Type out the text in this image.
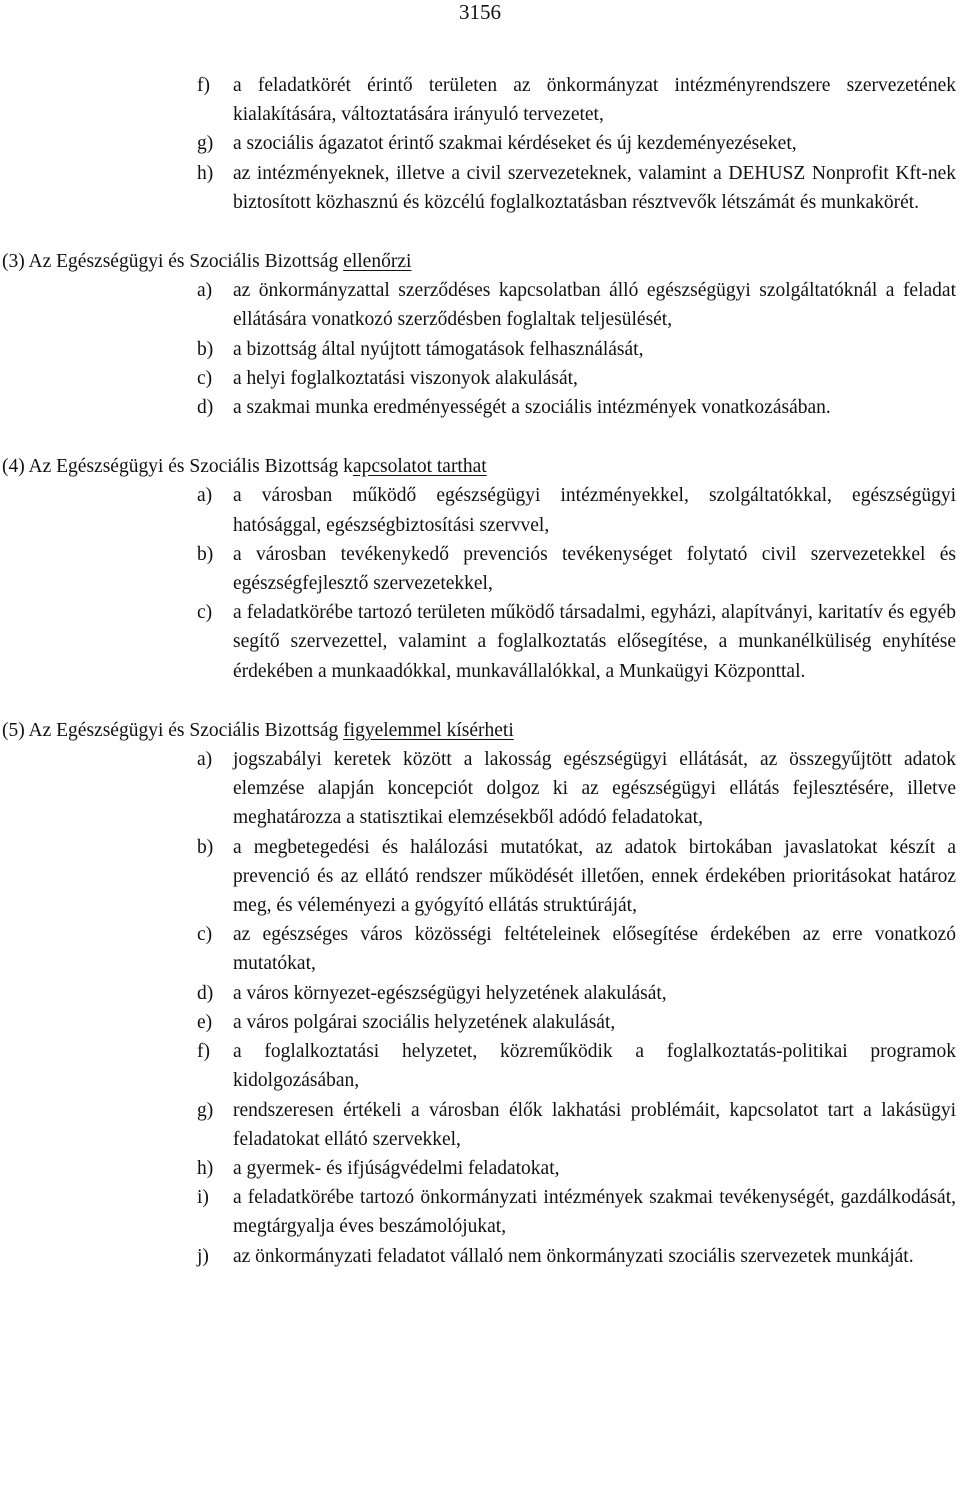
3156
f) a feladatkörét érintő területen az önkormányzat intézményrendszere szervezetének kialakítására, változtatására irányuló tervezetet,
g) a szociális ágazatot érintő szakmai kérdéseket és új kezdeményezéseket,
h) az intézményeknek, illetve a civil szervezeteknek, valamint a DEHUSZ Nonprofit Kft-nek biztosított közhasznú és közcélú foglalkoztatásban résztvevők létszámát és munkakörét.
(3) Az Egészségügyi és Szociális Bizottság ellenőrzi
a) az önkormányzattal szerződéses kapcsolatban álló egészségügyi szolgáltatóknál a feladat ellátására vonatkozó szerződésben foglaltak teljesülését,
b) a bizottság által nyújtott támogatások felhasználását,
c) a helyi foglalkoztatási viszonyok alakulását,
d) a szakmai munka eredményességét a szociális intézmények vonatkozásában.
(4) Az Egészségügyi és Szociális Bizottság kapcsolatot tarthat
a) a városban működő egészségügyi intézményekkel, szolgáltatókkal, egészségügyi hatósággal, egészségbiztosítási szervvel,
b) a városban tevékenykedő prevenciós tevékenységet folytató civil szervezetekkel és egészségfejlesztő szervezetekkel,
c) a feladatkörébe tartozó területen működő társadalmi, egyházi, alapítványi, karitatív és egyéb segítő szervezettel, valamint a foglalkoztatás elősegítése, a munkanélküliség enyhítése érdekében a munkaadókkal, munkavállalókkal, a Munkaügyi Központtal.
(5) Az Egészségügyi és Szociális Bizottság figyelemmel kísérheti
a) jogszabályi keretek között a lakosság egészségügyi ellátását, az összegyűjtött adatok elemzése alapján koncepciót dolgoz ki az egészségügyi ellátás fejlesztésére, illetve meghatározza a statisztikai elemzésekből adódó feladatokat,
b) a megbetegedési és halálozási mutatókat, az adatok birtokában javaslatokat készít a prevenció és az ellátó rendszer működését illetően, ennek érdekében prioritásokat határoz meg, és véleményezi a gyógyító ellátás struktúráját,
c) az egészséges város közösségi feltételeinek elősegítése érdekében az erre vonatkozó mutatókat,
d) a város környezet-egészségügyi helyzetének alakulását,
e) a város polgárai szociális helyzetének alakulását,
f) a foglalkoztatási helyzetet, közreműködik a foglalkoztatás-politikai programok kidolgozásában,
g) rendszeresen értékeli a városban élők lakhatási problémáit, kapcsolatot tart a lakásügyi feladatokat ellátó szervekkel,
h) a gyermek- és ifjúságvédelmi feladatokat,
i) a feladatkörébe tartozó önkormányzati intézmények szakmai tevékenységét, gazdálkodását, megtárgyalja éves beszámolójukat,
j) az önkormányzati feladatot vállaló nem önkormányzati szociális szervezetek munkáját.
